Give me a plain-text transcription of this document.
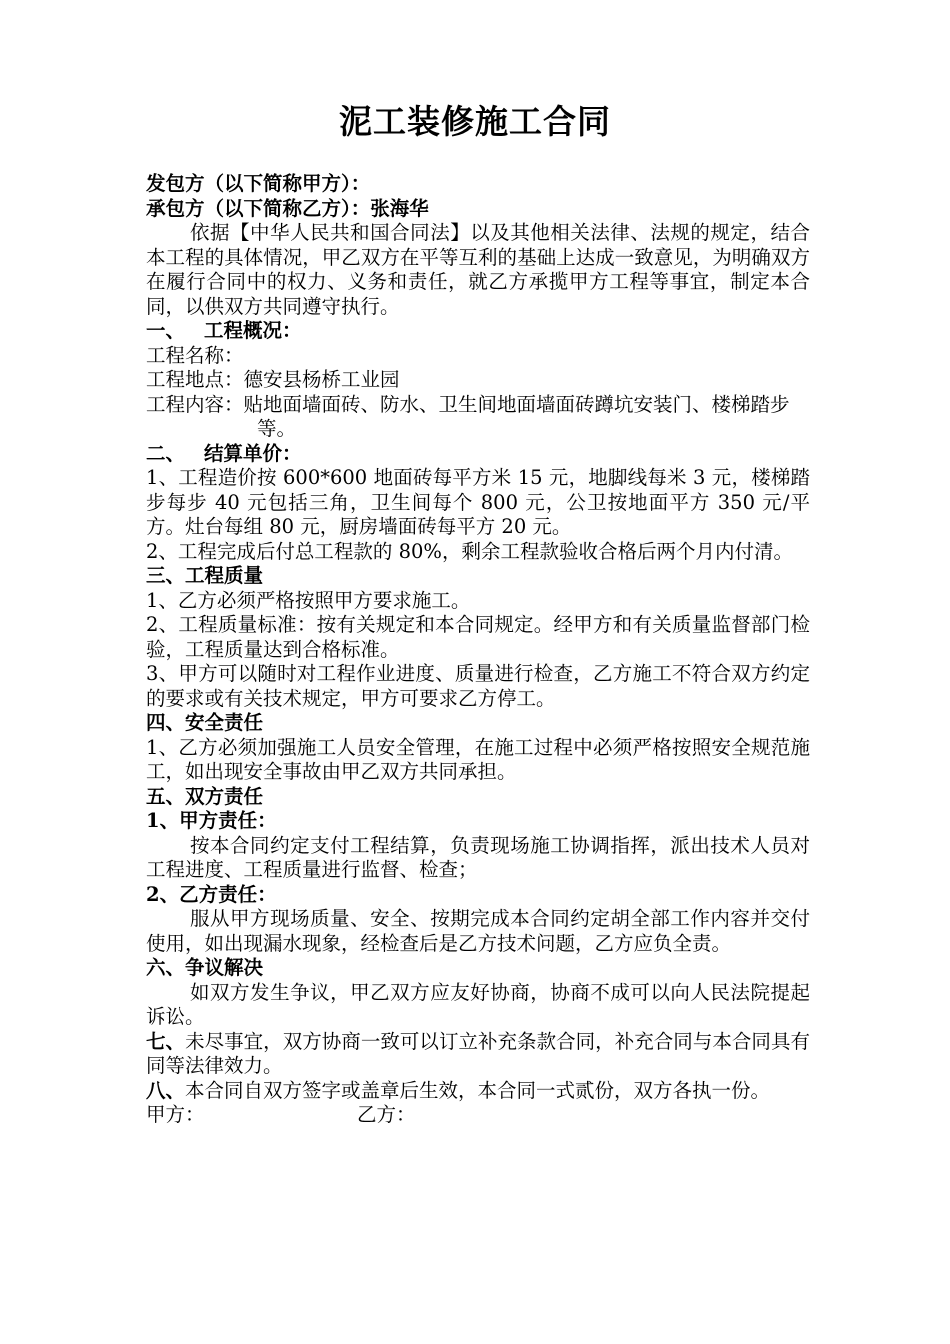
泥工装修施工合同

发包方（以下简称甲方）：

承包方（以下简称乙方）：张海华

依据【中华人民共和国合同法】以及其他相关法律、法规的规定，结合本工程的具体情况，甲乙双方在平等互利的基础上达成一致意见，为明确双方在履行合同中的权力、义务和责任，就乙方承揽甲方工程等事宜，制定本合同，以供双方共同遵守执行。

一、 工程概况：

工程名称：

工程地点：德安县杨桥工业园

工程内容：贴地面墙面砖、防水、卫生间地面墙面砖蹲坑安装门、楼梯踏步等。

二、 结算单价：

1、工程造价按 600*600 地面砖每平方米 15 元，地脚线每米 3 元，楼梯踏步每步 40 元包括三角，卫生间每个 800 元，公卫按地面平方 350 元/平方。灶台每组 80 元，厨房墙面砖每平方 20 元。

2、工程完成后付总工程款的 80%，剩余工程款验收合格后两个月内付清。

三、工程质量

1、乙方必须严格按照甲方要求施工。

2、工程质量标准：按有关规定和本合同规定。经甲方和有关质量监督部门检验，工程质量达到合格标准。

3、甲方可以随时对工程作业进度、质量进行检查，乙方施工不符合双方约定的要求或有关技术规定，甲方可要求乙方停工。

四、安全责任

1、乙方必须加强施工人员安全管理，在施工过程中必须严格按照安全规范施工，如出现安全事故由甲乙双方共同承担。

五、双方责任

1、甲方责任：

按本合同约定支付工程结算，负责现场施工协调指挥，派出技术人员对工程进度、工程质量进行监督、检查；

2、乙方责任：

服从甲方现场质量、安全、按期完成本合同约定胡全部工作内容并交付使用，如出现漏水现象，经检查后是乙方技术问题，乙方应负全责。

六、争议解决

如双方发生争议，甲乙双方应友好协商，协商不成可以向人民法院提起诉讼。

七、未尽事宜，双方协商一致可以订立补充条款合同，补充合同与本合同具有同等法律效力。

八、本合同自双方签字或盖章后生效，本合同一式贰份，双方各执一份。

甲方：	乙方：
